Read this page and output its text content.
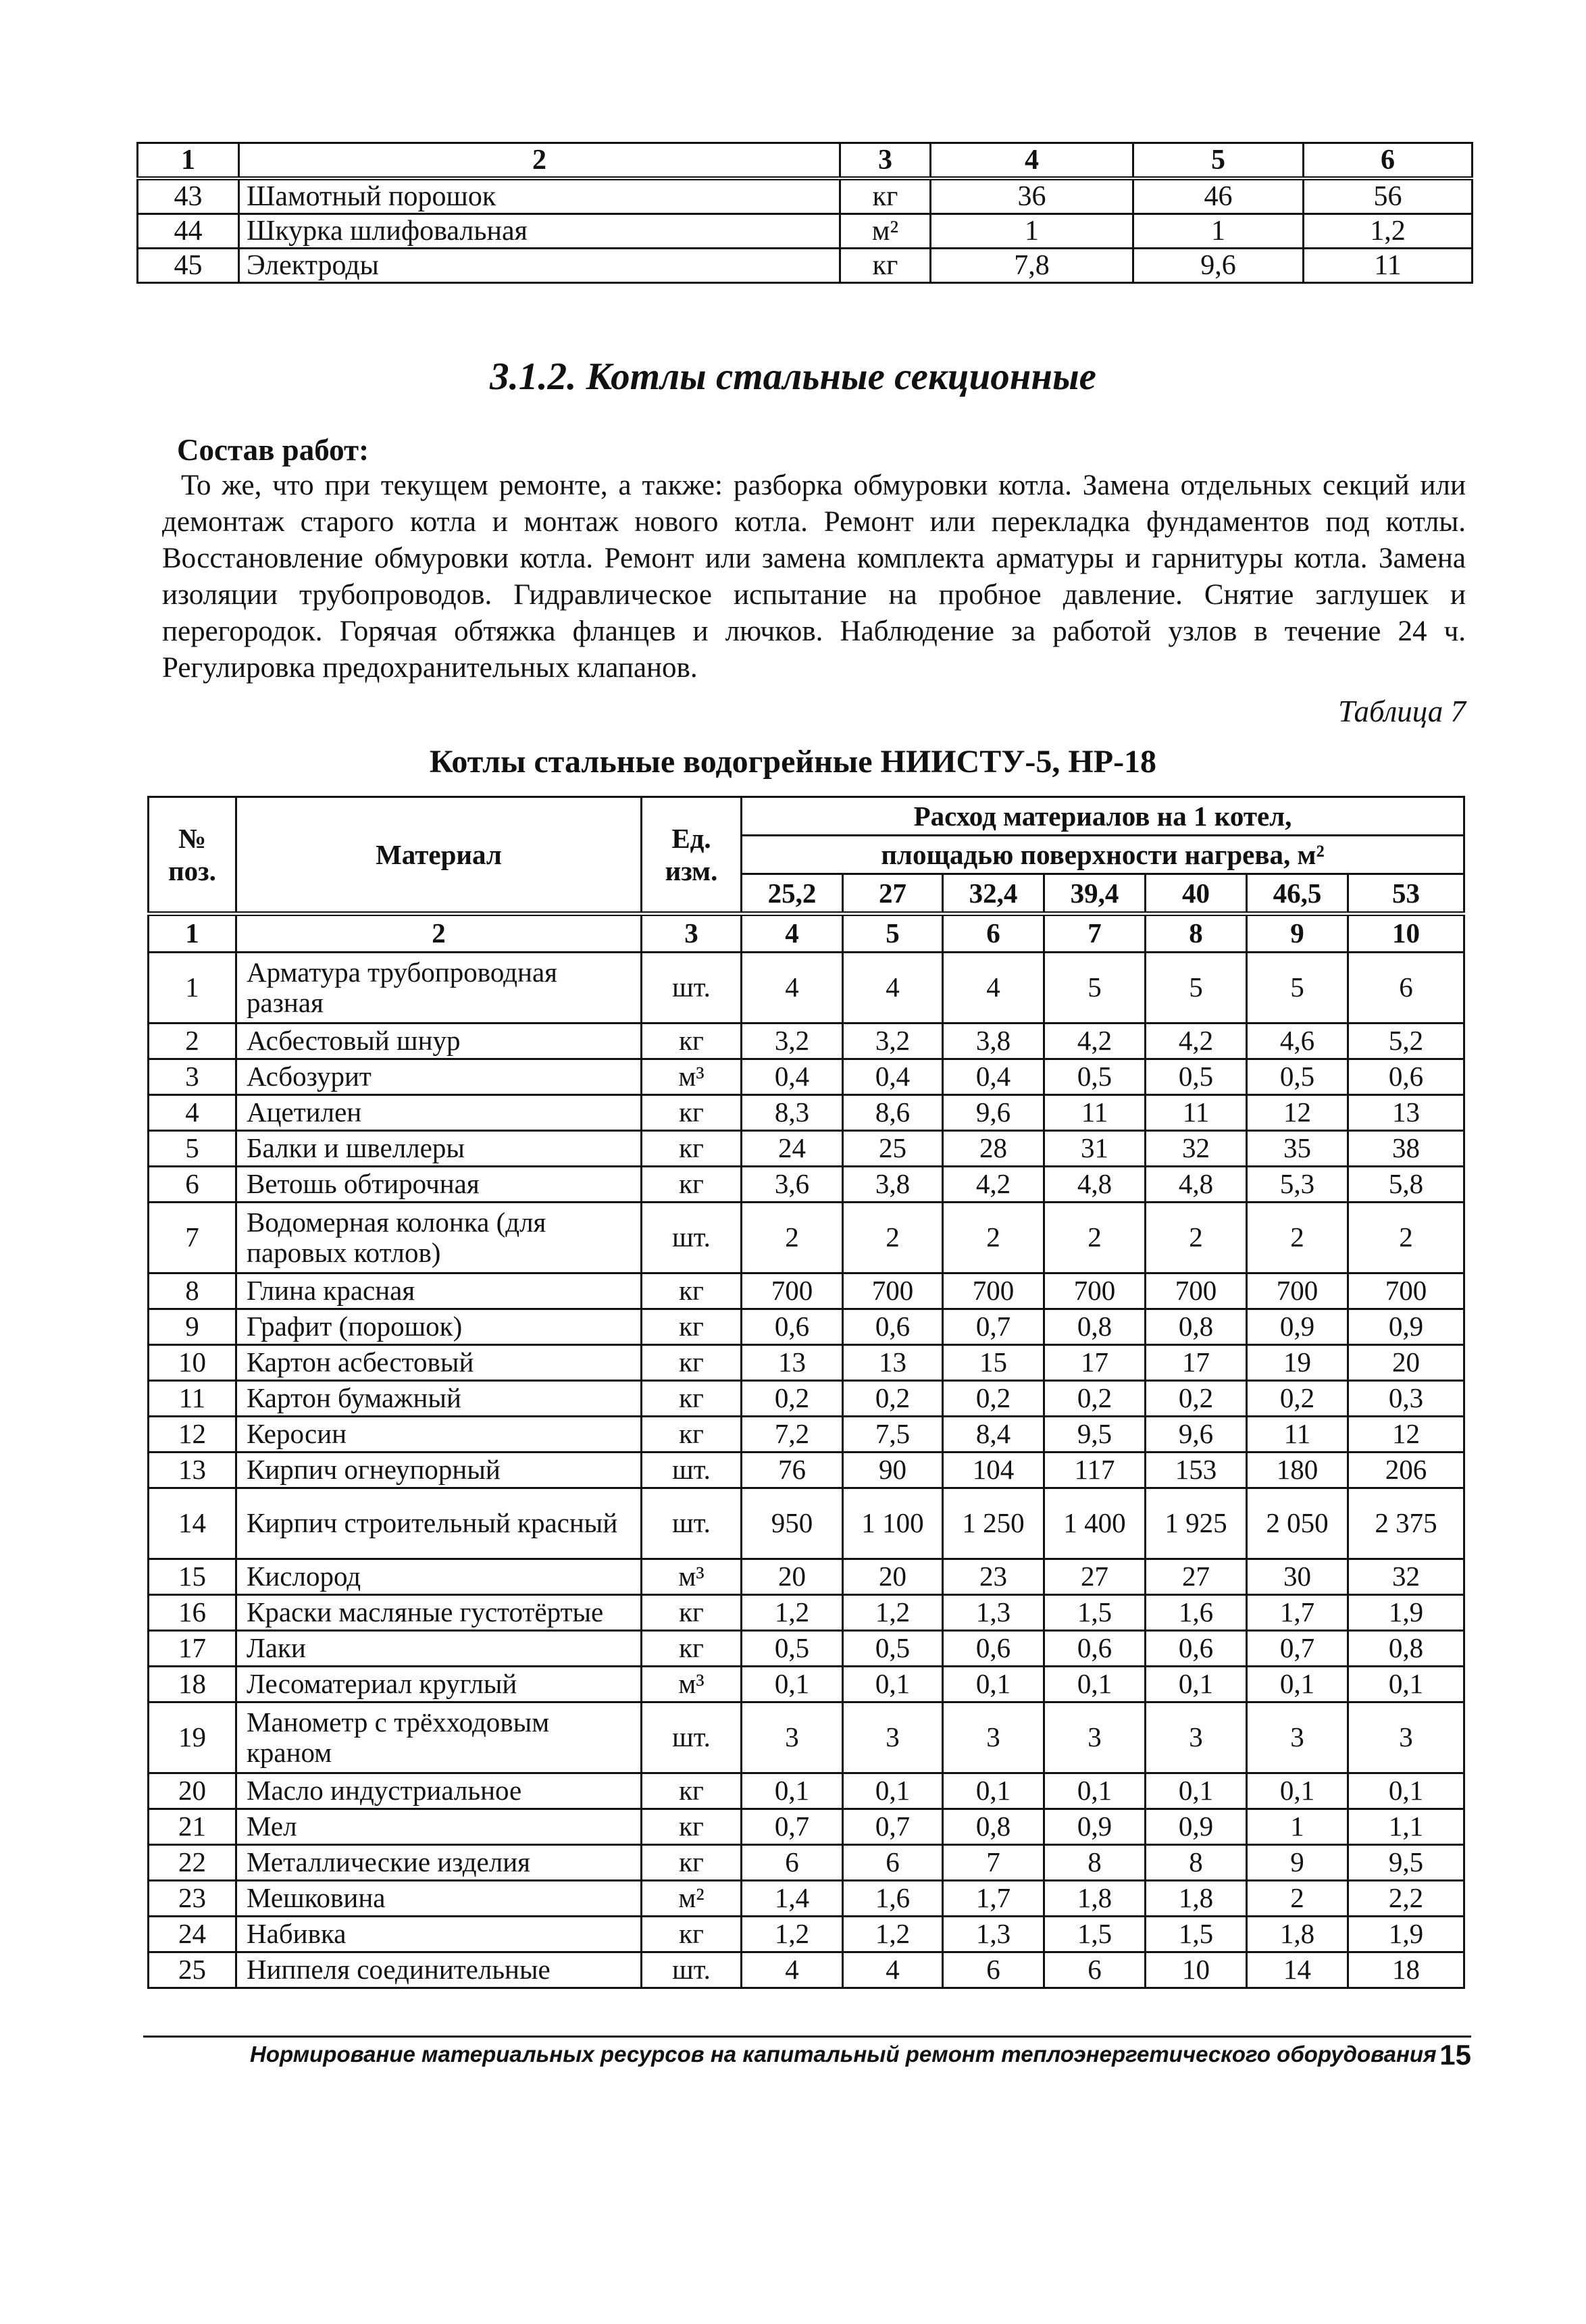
1	2	3	4	5	6
43	Шамотный порошок	кг	36	46	56
44	Шкурка шлифовальная	м²	1	1	1,2
45	Электроды	кг	7,8	9,6	11
3.1.2. Котлы стальные секционные
Состав работ:

То же, что при текущем ремонте, а также: разборка обмуровки котла. Замена отдельных секций или демонтаж старого котла и монтаж нового котла. Ремонт или перекладка фундаментов под котлы. Восстановление обмуровки котла. Ремонт или замена комплекта арматуры и гарнитуры котла. Замена изоляции трубопроводов. Гидравлическое испытание на пробное давление. Снятие заглушек и перегородок. Горячая обтяжка фланцев и лючков. Наблюдение за работой узлов в течение 24 ч. Регулировка предохранительных клапанов.

Таблица 7
Котлы стальные водогрейные НИИСТУ-5, НР-18
№ поз.	Материал	Ед. изм.	Расход материалов на 1 котел,						
			площадью поверхности нагрева, м²						
			25,2	27	32,4	39,4	40	46,5	53
1	2	3	4	5	6	7	8	9	10
1	Арматура трубопроводная разная	шт.	4	4	4	5	5	5	6
2	Асбестовый шнур	кг	3,2	3,2	3,8	4,2	4,2	4,6	5,2
3	Асбозурит	м³	0,4	0,4	0,4	0,5	0,5	0,5	0,6
4	Ацетилен	кг	8,3	8,6	9,6	11	11	12	13
5	Балки и швеллеры	кг	24	25	28	31	32	35	38
6	Ветошь обтирочная	кг	3,6	3,8	4,2	4,8	4,8	5,3	5,8
7	Водомерная колонка (для паровых котлов)	шт.	2	2	2	2	2	2	2
8	Глина красная	кг	700	700	700	700	700	700	700
9	Графит (порошок)	кг	0,6	0,6	0,7	0,8	0,8	0,9	0,9
10	Картон асбестовый	кг	13	13	15	17	17	19	20
11	Картон бумажный	кг	0,2	0,2	0,2	0,2	0,2	0,2	0,3
12	Керосин	кг	7,2	7,5	8,4	9,5	9,6	11	12
13	Кирпич огнеупорный	шт.	76	90	104	117	153	180	206
14	Кирпич строительный красный	шт.	950	1 100	1 250	1 400	1 925	2 050	2 375
15	Кислород	м³	20	20	23	27	27	30	32
16	Краски масляные густотёртые	кг	1,2	1,2	1,3	1,5	1,6	1,7	1,9
17	Лаки	кг	0,5	0,5	0,6	0,6	0,6	0,7	0,8
18	Лесоматериал круглый	м³	0,1	0,1	0,1	0,1	0,1	0,1	0,1
19	Манометр с трёхходовым краном	шт.	3	3	3	3	3	3	3
20	Масло индустриальное	кг	0,1	0,1	0,1	0,1	0,1	0,1	0,1
21	Мел	кг	0,7	0,7	0,8	0,9	0,9	1	1,1
22	Металлические изделия	кг	6	6	7	8	8	9	9,5
23	Мешковина	м²	1,4	1,6	1,7	1,8	1,8	2	2,2
24	Набивка	кг	1,2	1,2	1,3	1,5	1,5	1,8	1,9
25	Ниппеля соединительные	шт.	4	4	6	6	10	14	18
Нормирование материальных ресурсов на капитальный ремонт теплоэнергетического оборудования 15
